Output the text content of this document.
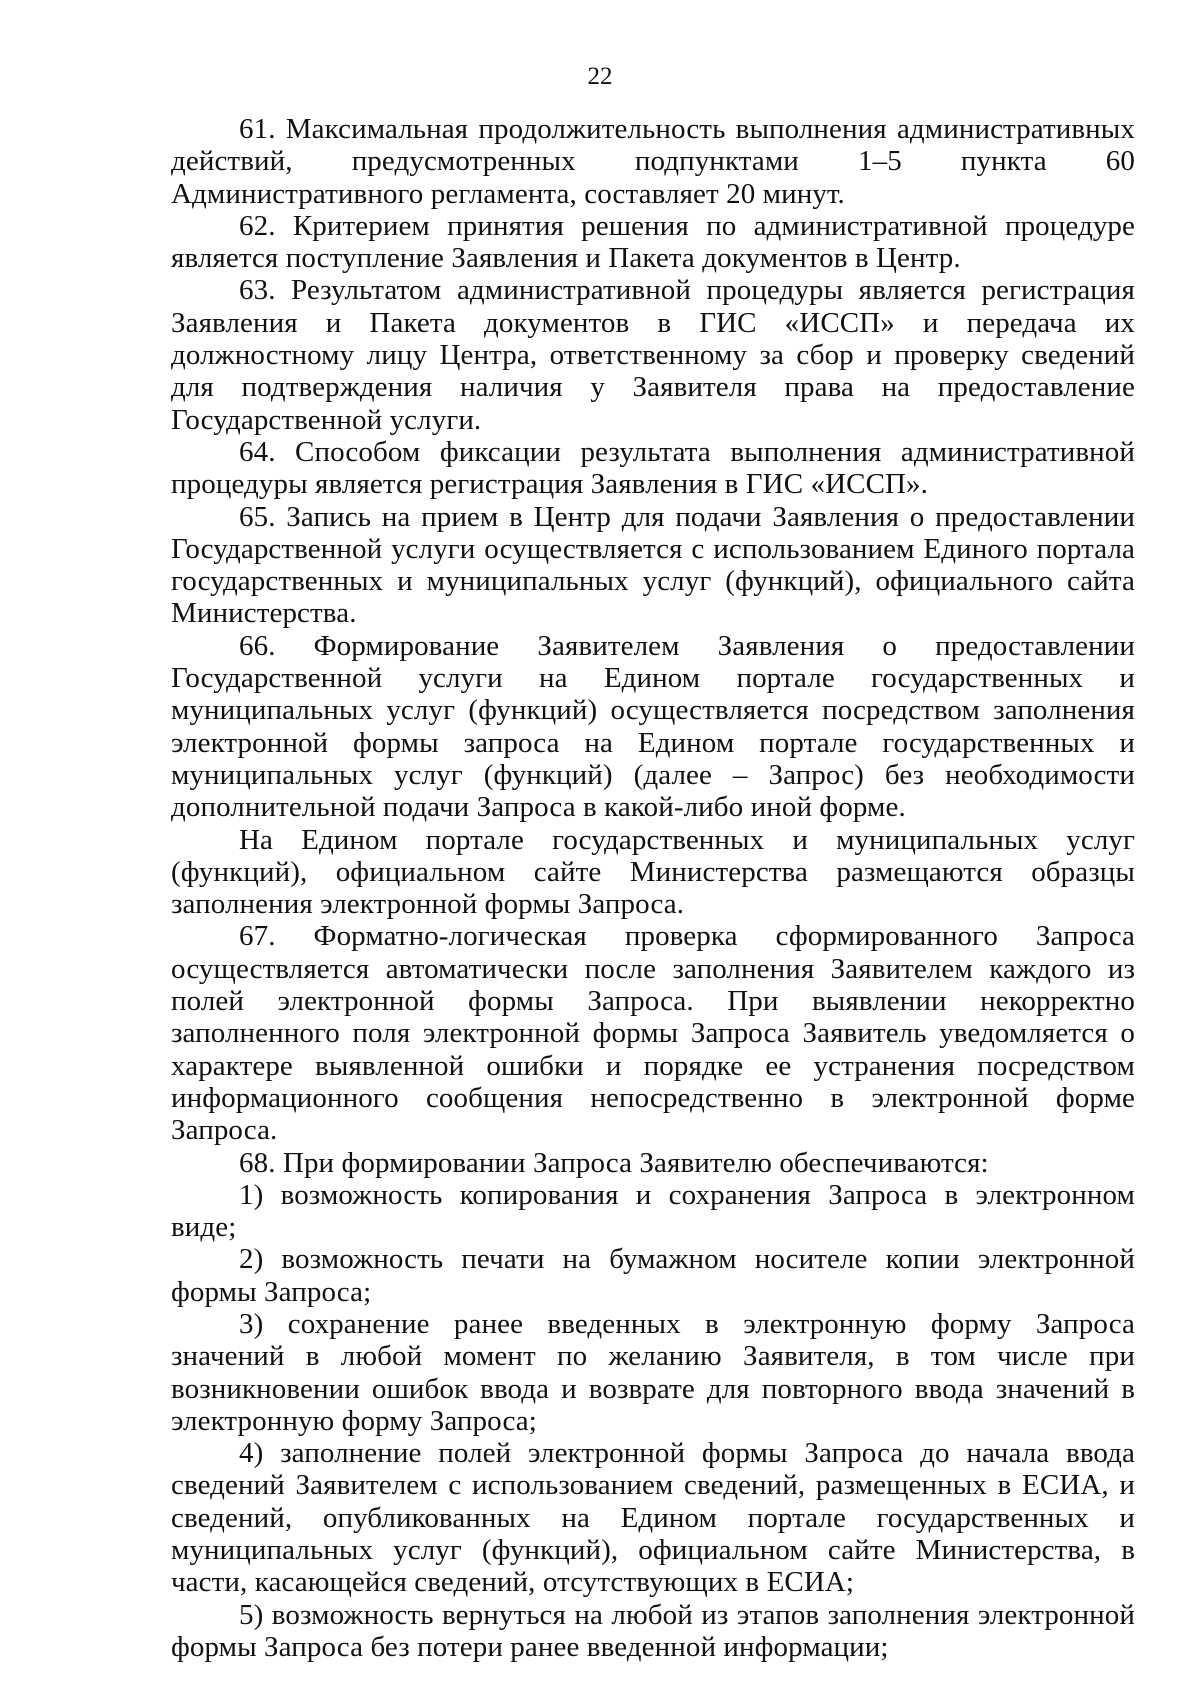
22

61. Максимальная продолжительность выполнения административных действий, предусмотренных подпунктами 1–5 пункта 60 Административного регламента, составляет 20 минут.

62. Критерием принятия решения по административной процедуре является поступление Заявления и Пакета документов в Центр.

63. Результатом административной процедуры является регистрация Заявления и Пакета документов в ГИС «ИССП» и передача их должностному лицу Центра, ответственному за сбор и проверку сведений для подтверждения наличия у Заявителя права на предоставление Государственной услуги.

64. Способом фиксации результата выполнения административной процедуры является регистрация Заявления в ГИС «ИССП».

65. Запись на прием в Центр для подачи Заявления о предоставлении Государственной услуги осуществляется с использованием Единого портала государственных и муниципальных услуг (функций), официального сайта Министерства.

66. Формирование Заявителем Заявления о предоставлении Государственной услуги на Едином портале государственных и муниципальных услуг (функций) осуществляется посредством заполнения электронной формы запроса на Едином портале государственных и муниципальных услуг (функций) (далее – Запрос) без необходимости дополнительной подачи Запроса в какой-либо иной форме.

На Едином портале государственных и муниципальных услуг (функций), официальном сайте Министерства размещаются образцы заполнения электронной формы Запроса.

67. Форматно-логическая проверка сформированного Запроса осуществляется автоматически после заполнения Заявителем каждого из полей электронной формы Запроса. При выявлении некорректно заполненного поля электронной формы Запроса Заявитель уведомляется о характере выявленной ошибки и порядке ее устранения посредством информационного сообщения непосредственно в электронной форме Запроса.

68. При формировании Запроса Заявителю обеспечиваются:

1) возможность копирования и сохранения Запроса в электронном виде;

2) возможность печати на бумажном носителе копии электронной формы Запроса;

3) сохранение ранее введенных в электронную форму Запроса значений в любой момент по желанию Заявителя, в том числе при возникновении ошибок ввода и возврате для повторного ввода значений в электронную форму Запроса;

4) заполнение полей электронной формы Запроса до начала ввода сведений Заявителем с использованием сведений, размещенных в ЕСИА, и сведений, опубликованных на Едином портале государственных и муниципальных услуг (функций), официальном сайте Министерства, в части, касающейся сведений, отсутствующих в ЕСИА;

5) возможность вернуться на любой из этапов заполнения электронной формы Запроса без потери ранее введенной информации;
